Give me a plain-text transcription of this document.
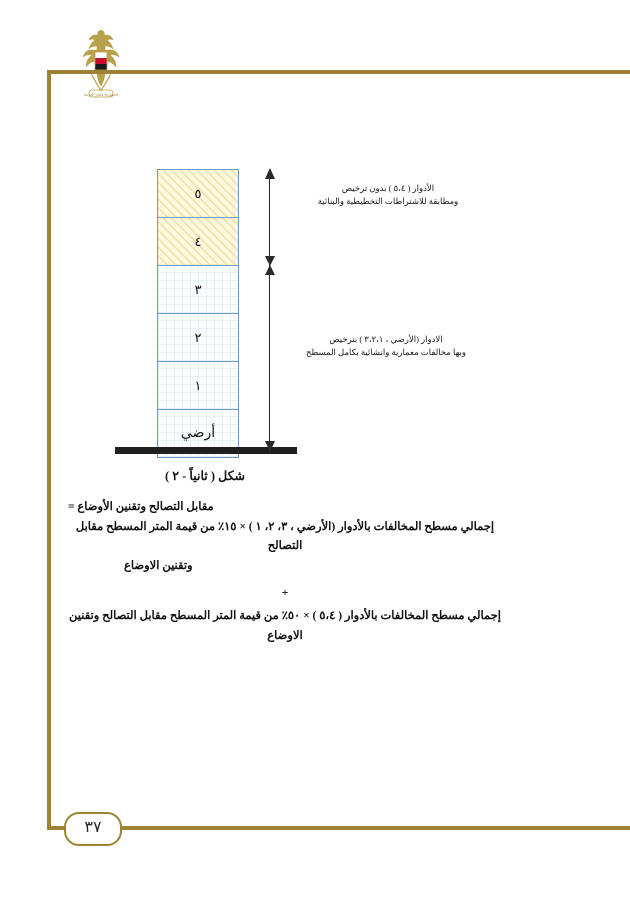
جمهورية مصر العربية
٥
٤
٣
٢
١
أرضي
الأدوار ( ٥،٤ ) بدون ترخيص
ومطابقة للاشتراطات التخطيطية والبنائية
الادوار (الأرضي ، ٣،٢،١ ) بترخيص
وبها مخالفات معمارية وانشائية بكامل المسطح
شكل ( ثانياً - ٢ )
مقابل التصالح وتقنين الأوضاع =
إجمالي مسطح المخالفات بالأدوار (الأرضي ، ٣، ٢، ١ ) × ١٥٪ من قيمة المتر المسطح مقابل التصالح
وتقنين الاوضاع
+
إجمالي مسطح المخالفات بالأدوار ( ٥،٤ ) × ٥٠٪ من قيمة المتر المسطح مقابل التصالح وتقنين الاوضاع
٣٧
